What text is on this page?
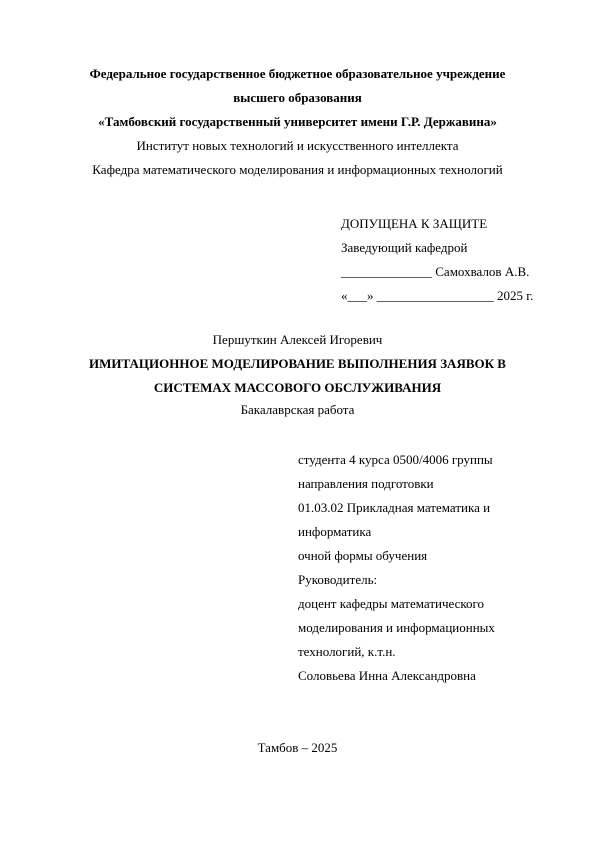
Федеральное государственное бюджетное образовательное учреждение
высшего образования
«Тамбовский государственный университет имени Г.Р. Державина»
Институт новых технологий и искусственного интеллекта
Кафедра математического моделирования и информационных технологий
ДОПУЩЕНА К ЗАЩИТЕ
Заведующий кафедрой
______________ Самохвалов А.В.
«___» __________________ 2025 г.
Першуткин Алексей Игоревич
ИМИТАЦИОННОЕ МОДЕЛИРОВАНИЕ ВЫПОЛНЕНИЯ ЗАЯВОК В
СИСТЕМАХ МАССОВОГО ОБСЛУЖИВАНИЯ
Бакалаврская работа
студента 4 курса 0500/4006 группы
направления подготовки
01.03.02 Прикладная математика и
информатика
очной формы обучения
Руководитель:
доцент кафедры математического
моделирования и информационных
технологий, к.т.н.
Соловьева Инна Александровна
Тамбов – 2025
